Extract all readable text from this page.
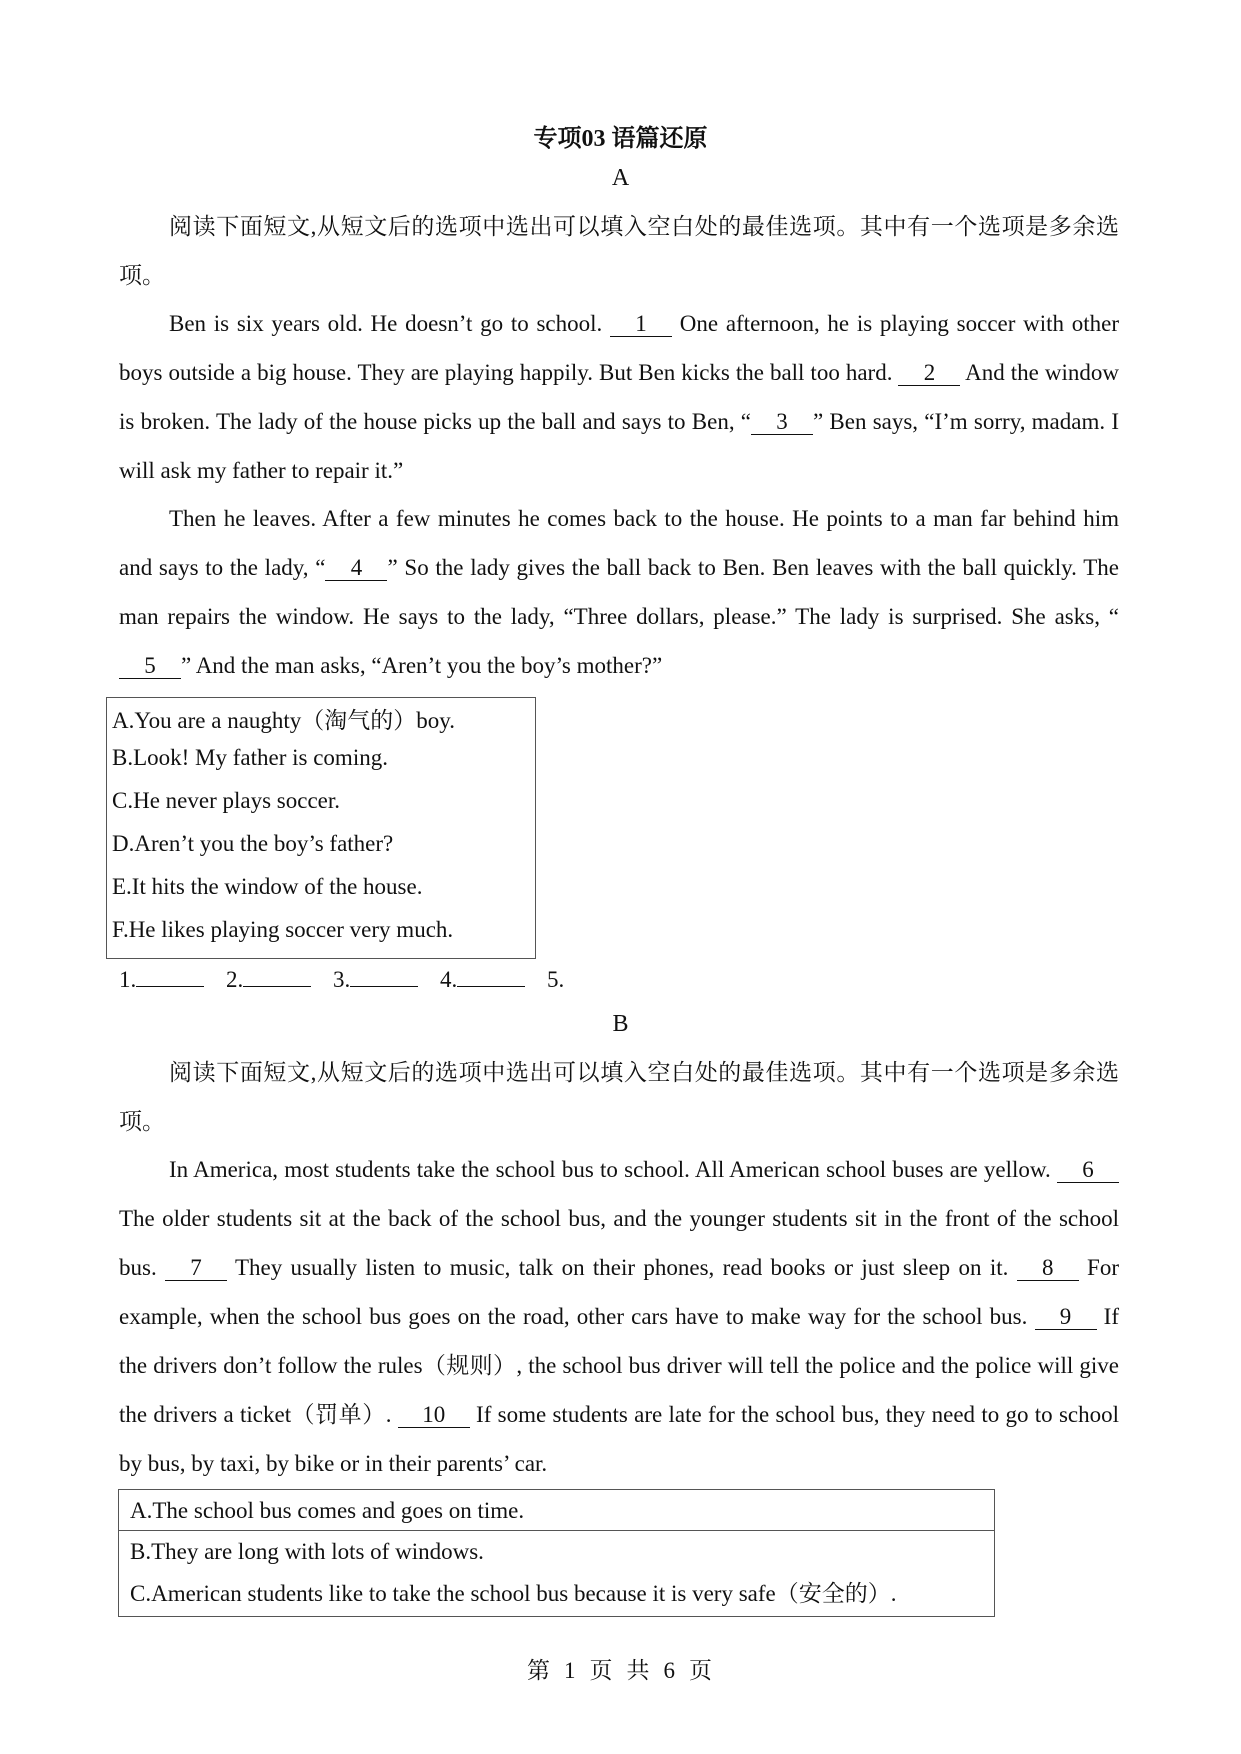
专项03 语篇还原
A

阅读下面短文,从短文后的选项中选出可以填入空白处的最佳选项。其中有一个选项是多余选项。

Ben is six years old. He doesn’t go to school. 1 One afternoon, he is playing soccer with other boys outside a big house. They are playing happily. But Ben kicks the ball too hard. 2 And the window is broken. The lady of the house picks up the ball and says to Ben, “ 3 ” Ben says, “I’m sorry, madam. I will ask my father to repair it.”

Then he leaves. After a few minutes he comes back to the house. He points to a man far behind him and says to the lady, “ 4 ” So the lady gives the ball back to Ben. Ben leaves with the ball quickly. The man repairs the window. He says to the lady, “Three dollars, please.” The lady is surprised. She asks, “5 ” And the man asks, “Aren’t you the boy’s mother?”

A.You are a naughty（淘气的）boy.
B.Look! My father is coming.
C.He never plays soccer.
D.Aren’t you the boy’s father?
E.It hits the window of the house.
F.He likes playing soccer very much.
1.	2.	3.	4.	5.
B

阅读下面短文,从短文后的选项中选出可以填入空白处的最佳选项。其中有一个选项是多余选项。

In America, most students take the school bus to school. All American school buses are yellow. 6 The older students sit at the back of the school bus, and the younger students sit in the front of the school bus. 7 They usually listen to music, talk on their phones, read books or just sleep on it. 8 For example, when the school bus goes on the road, other cars have to make way for the school bus. 9 If the drivers don’t follow the rules（规则）, the school bus driver will tell the police and the police will give the drivers a ticket（罚单）. 10 If some students are late for the school bus, they need to go to school by bus, by taxi, by bike or in their parents’ car.

A.The school bus comes and goes on time.
B.They are long with lots of windows.
C.American students like to take the school bus because it is very safe（安全的）.
第 1 页 共 6 页
